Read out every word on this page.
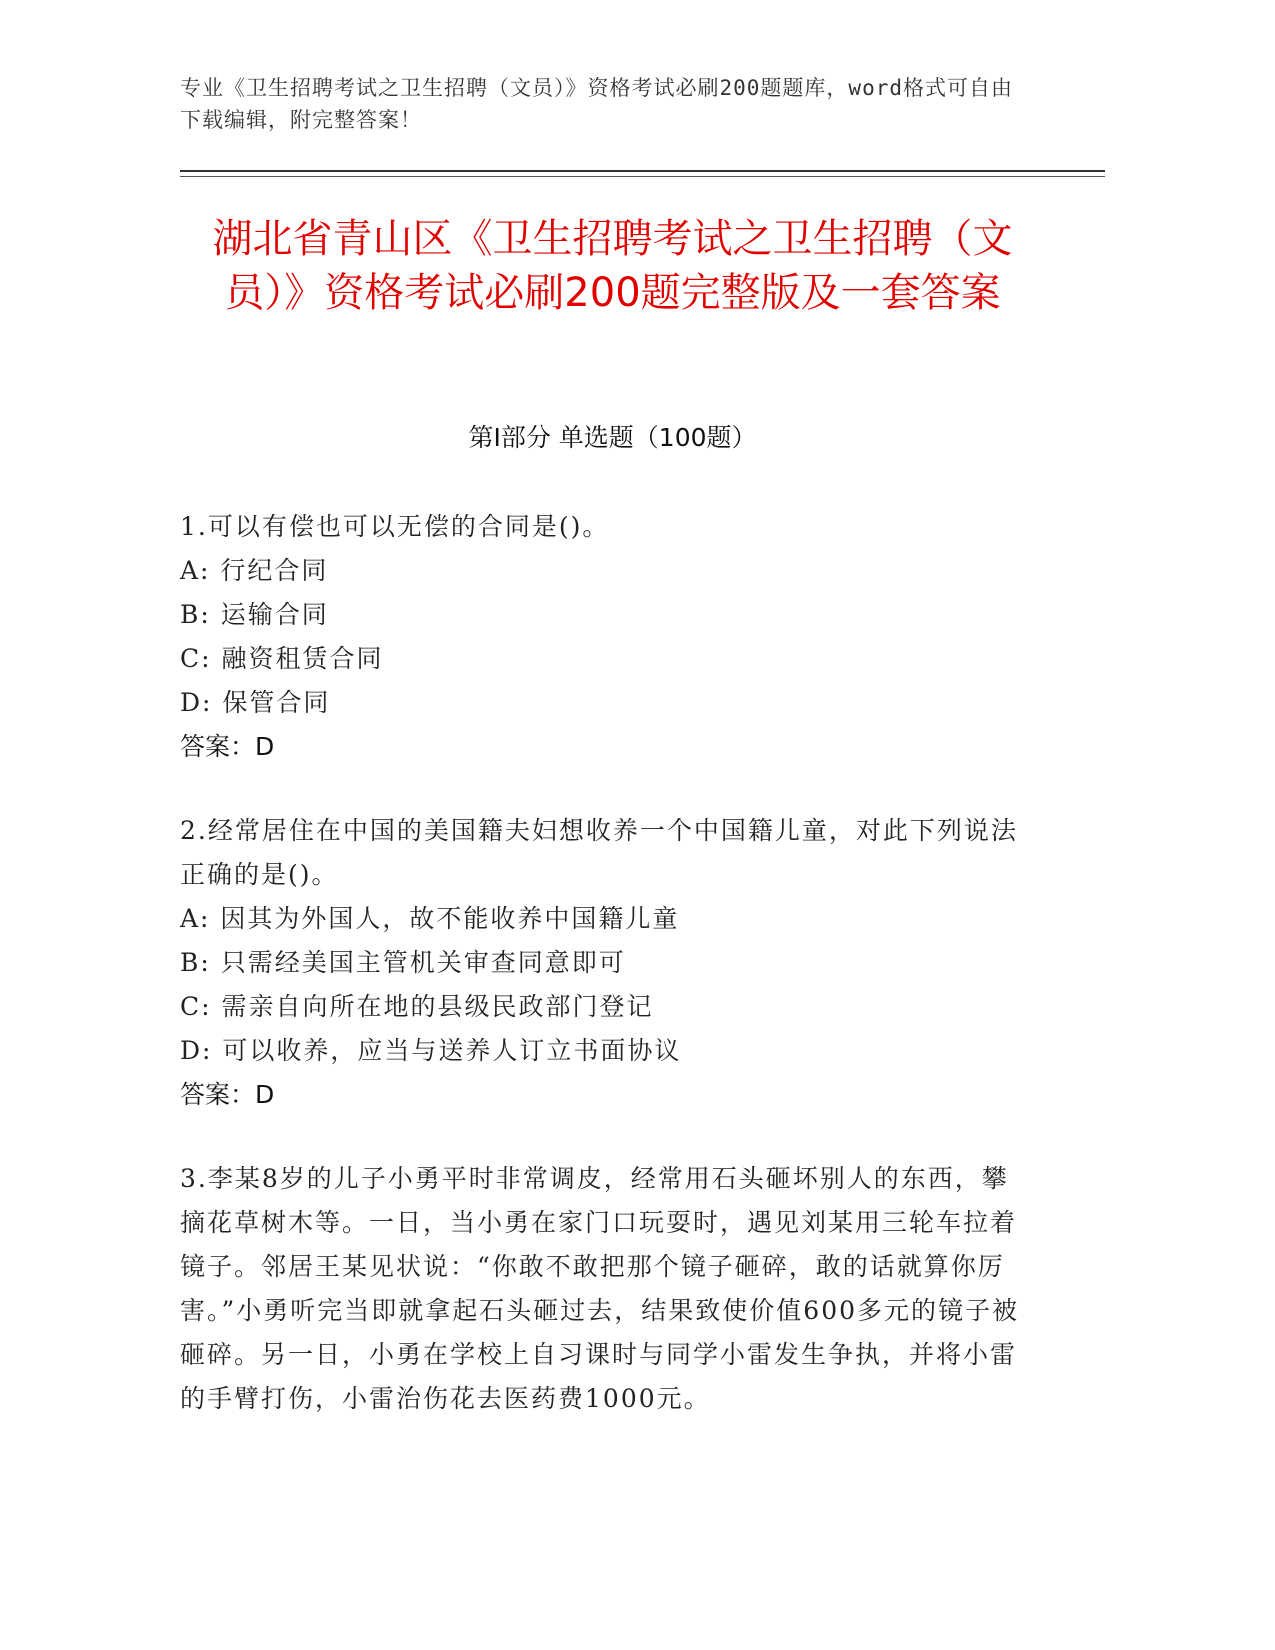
专业《卫生招聘考试之卫生招聘（文员）》资格考试必刷200题题库，word格式可自由下载编辑，附完整答案！
湖北省青山区《卫生招聘考试之卫生招聘（文员）》资格考试必刷200题完整版及一套答案
第I部分 单选题（100题）
1.可以有偿也可以无偿的合同是()。
A: 行纪合同
B: 运输合同
C: 融资租赁合同
D: 保管合同
答案：D
2.经常居住在中国的美国籍夫妇想收养一个中国籍儿童，对此下列说法正确的是()。
A: 因其为外国人，故不能收养中国籍儿童
B: 只需经美国主管机关审查同意即可
C: 需亲自向所在地的县级民政部门登记
D: 可以收养，应当与送养人订立书面协议
答案：D
3.李某8岁的儿子小勇平时非常调皮，经常用石头砸坏别人的东西，攀摘花草树木等。一日，当小勇在家门口玩耍时，遇见刘某用三轮车拉着镜子。邻居王某见状说：“你敢不敢把那个镜子砸碎，敢的话就算你厉害。”小勇听完当即就拿起石头砸过去，结果致使价值600多元的镜子被砸碎。另一日，小勇在学校上自习课时与同学小雷发生争执，并将小雷的手臂打伤，小雷治伤花去医药费1000元。
